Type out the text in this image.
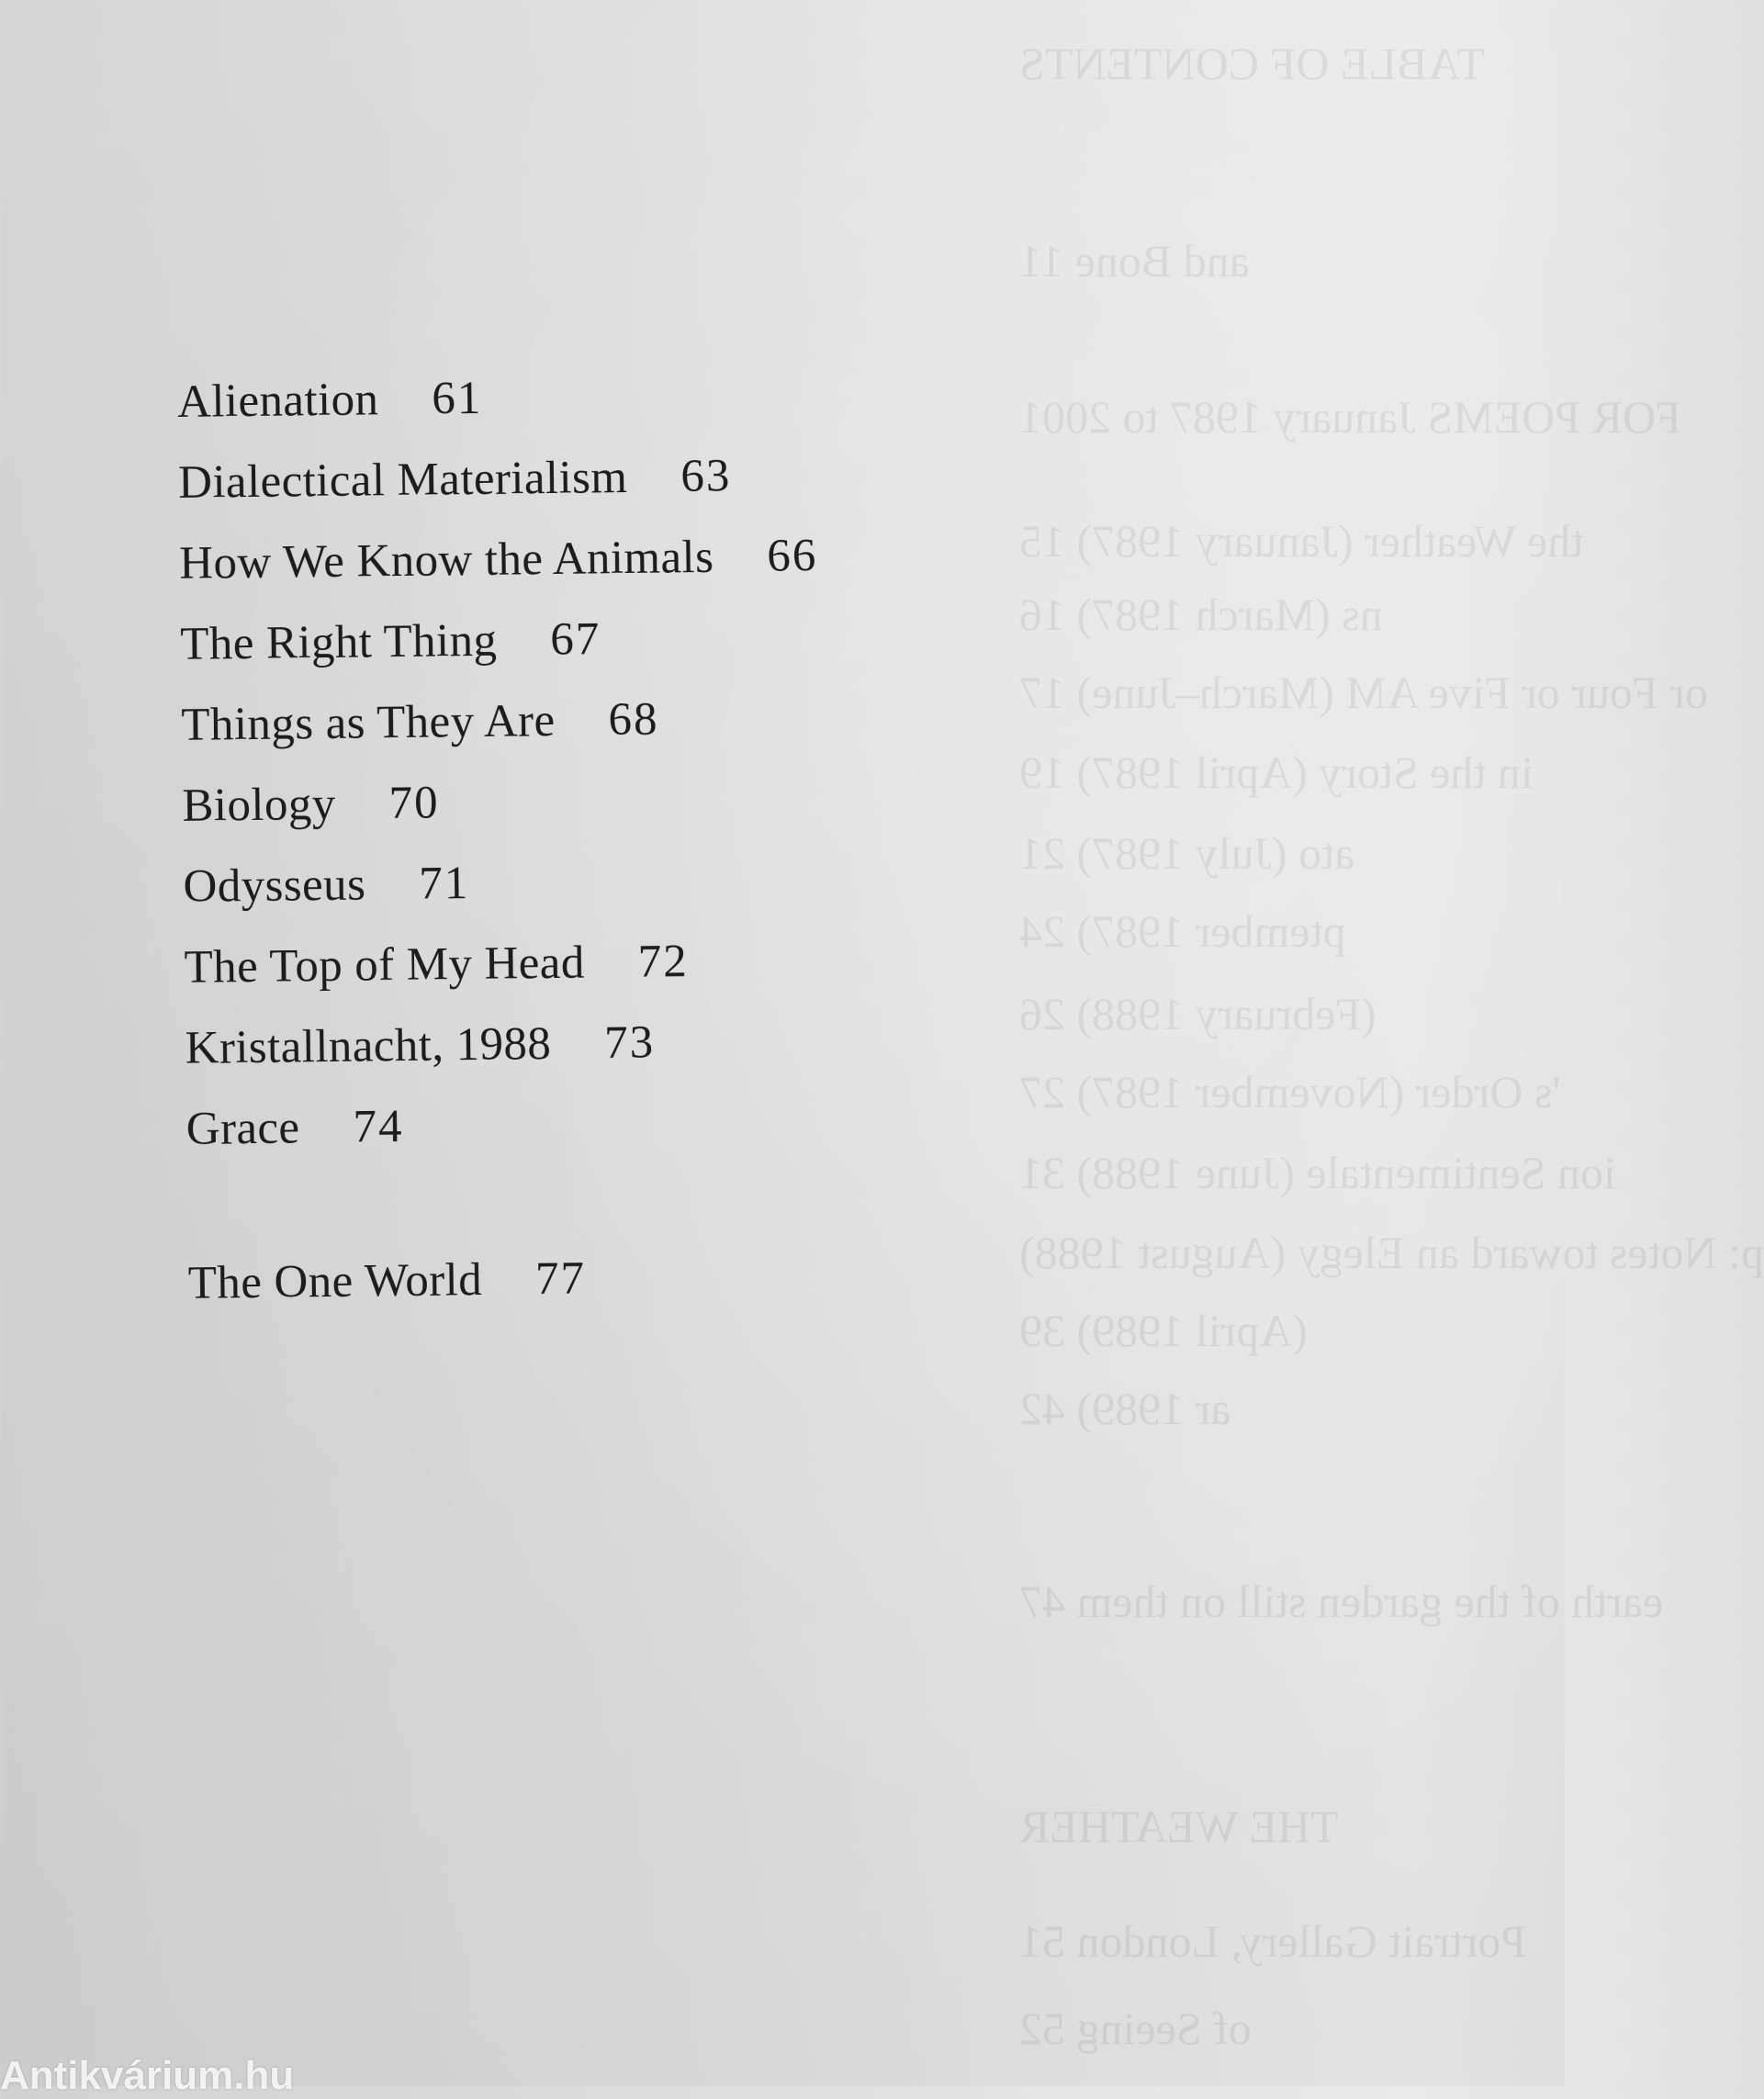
TABLE OF CONTENTS
and Bone 11
FOR POEMS January 1987 to 2001
the Weather (January 1987) 15
ns (March 1987) 16
or Four or Five AM (March–June) 17
in the Story (April 1987) 19
ato (July 1987) 21
ptember 1987) 24
(February 1988) 26
's Order (November 1987) 27
ion Sentimentale (June 1988) 31
p: Notes toward an Elegy (August 1988)
(April 1989) 39
ar 1989) 42
earth of the garden still on them 47
THE WEATHER
Portrait Gallery, London 51
of Seeing 52
Alienation 61
Dialectical Materialism 63
How We Know the Animals 66
The Right Thing 67
Things as They Are 68
Biology 70
Odysseus 71
The Top of My Head 72
Kristallnacht, 1988 73
Grace 74
The One World 77
Antikvárium.hu
